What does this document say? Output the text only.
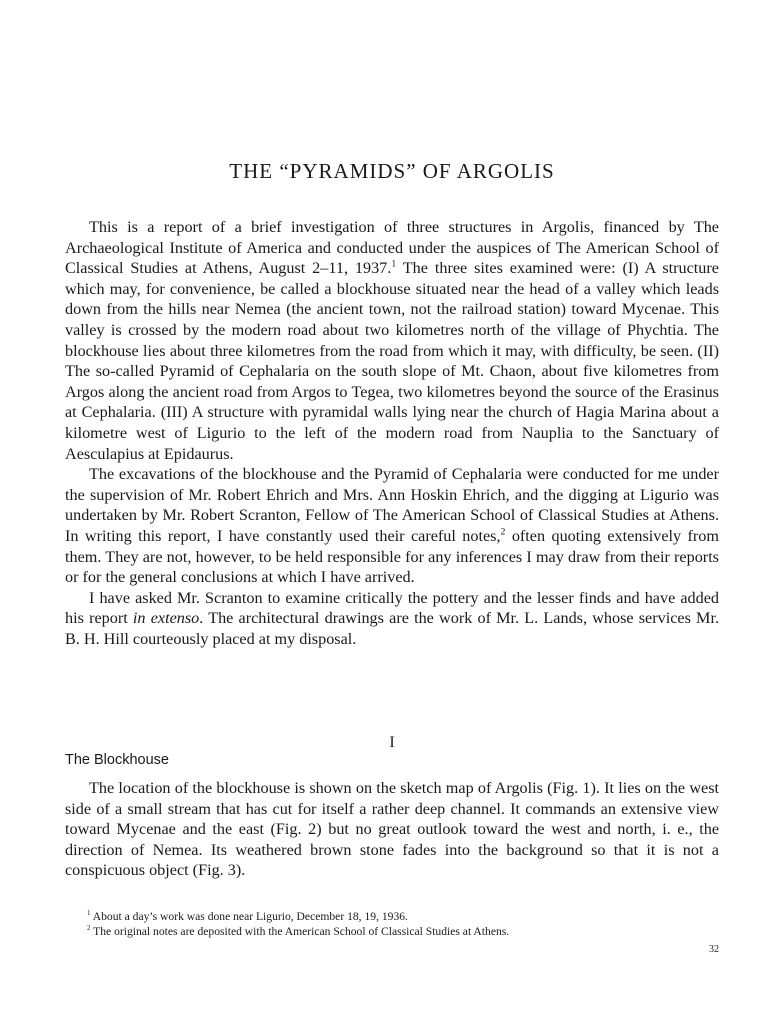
THE “PYRAMIDS” OF ARGOLIS

This is a report of a brief investigation of three structures in Argolis, financed by The Archaeological Institute of America and conducted under the auspices of The American School of Classical Studies at Athens, August 2–11, 1937.$^1$ The three sites examined were: (I) A structure which may, for convenience, be called a blockhouse situated near the head of a valley which leads down from the hills near Nemea (the ancient town, not the railroad station) toward Mycenae. This valley is crossed by the modern road about two kilometres north of the village of Phychtia. The blockhouse lies about three kilometres from the road from which it may, with difficulty, be seen. (II) The so-called Pyramid of Cephalaria on the south slope of Mt. Chaon, about five kilometres from Argos along the ancient road from Argos to Tegea, two kilometres beyond the source of the Erasinus at Cephalaria. (III) A structure with pyramidal walls lying near the church of Hagia Marina about a kilometre west of Ligurio to the left of the modern road from Nauplia to the Sanctuary of Aesculapius at Epidaurus.

The excavations of the blockhouse and the Pyramid of Cephalaria were conducted for me under the supervision of Mr. Robert Ehrich and Mrs. Ann Hoskin Ehrich, and the digging at Ligurio was undertaken by Mr. Robert Scranton, Fellow of The American School of Classical Studies at Athens. In writing this report, I have constantly used their careful notes,$^2$ often quoting extensively from them. They are not, however, to be held responsible for any inferences I may draw from their reports or for the general conclusions at which I have arrived.

I have asked Mr. Scranton to examine critically the pottery and the lesser finds and have added his report in extenso. The architectural drawings are the work of Mr. L. Lands, whose services Mr. B. H. Hill courteously placed at my disposal.

I
The Blockhouse

The location of the blockhouse is shown on the sketch map of Argolis (Fig. 1). It lies on the west side of a small stream that has cut for itself a rather deep channel. It commands an extensive view toward Mycenae and the east (Fig. 2) but no great outlook toward the west and north, i. e., the direction of Nemea. Its weathered brown stone fades into the background so that it is not a conspicuous object (Fig. 3).

$^1$ About a day’s work was done near Ligurio, December 18, 19, 1936.

$^2$ The original notes are deposited with the American School of Classical Studies at Athens.

32
